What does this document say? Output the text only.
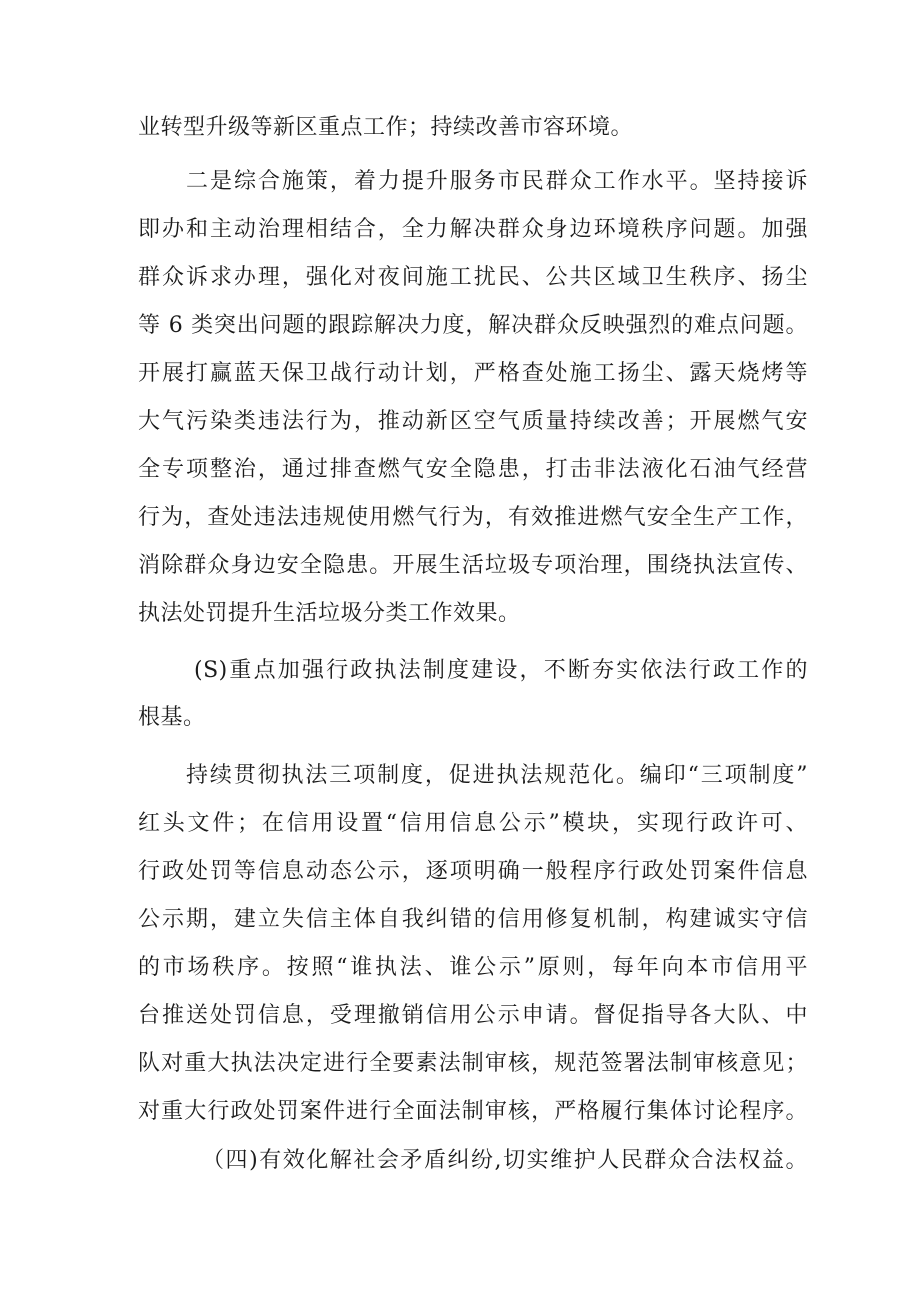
业转型升级等新区重点工作；持续改善市容环境。
二是综合施策，着力提升服务市民群众工作水平。坚持接诉
即办和主动治理相结合，全力解决群众身边环境秩序问题。加强
群众诉求办理，强化对夜间施工扰民、公共区域卫生秩序、扬尘
等 6 类突出问题的跟踪解决力度，解决群众反映强烈的难点问题。
开展打赢蓝天保卫战行动计划，严格查处施工扬尘、露天烧烤等
大气污染类违法行为，推动新区空气质量持续改善；开展燃气安
全专项整治，通过排查燃气安全隐患，打击非法液化石油气经营
行为，查处违法违规使用燃气行为，有效推进燃气安全生产工作，
消除群众身边安全隐患。开展生活垃圾专项治理，围绕执法宣传、
执法处罚提升生活垃圾分类工作效果。
(S)重点加强行政执法制度建设，不断夯实依法行政工作的
根基。
持续贯彻执法三项制度，促进执法规范化。编印“三项制度”
红头文件；在信用设置“信用信息公示”模块，实现行政许可、
行政处罚等信息动态公示，逐项明确一般程序行政处罚案件信息
公示期，建立失信主体自我纠错的信用修复机制，构建诚实守信
的市场秩序。按照“谁执法、谁公示”原则，每年向本市信用平
台推送处罚信息，受理撤销信用公示申请。督促指导各大队、中
队对重大执法决定进行全要素法制审核，规范签署法制审核意见；
对重大行政处罚案件进行全面法制审核，严格履行集体讨论程序。
（四)有效化解社会矛盾纠纷,切实维护人民群众合法权益。
